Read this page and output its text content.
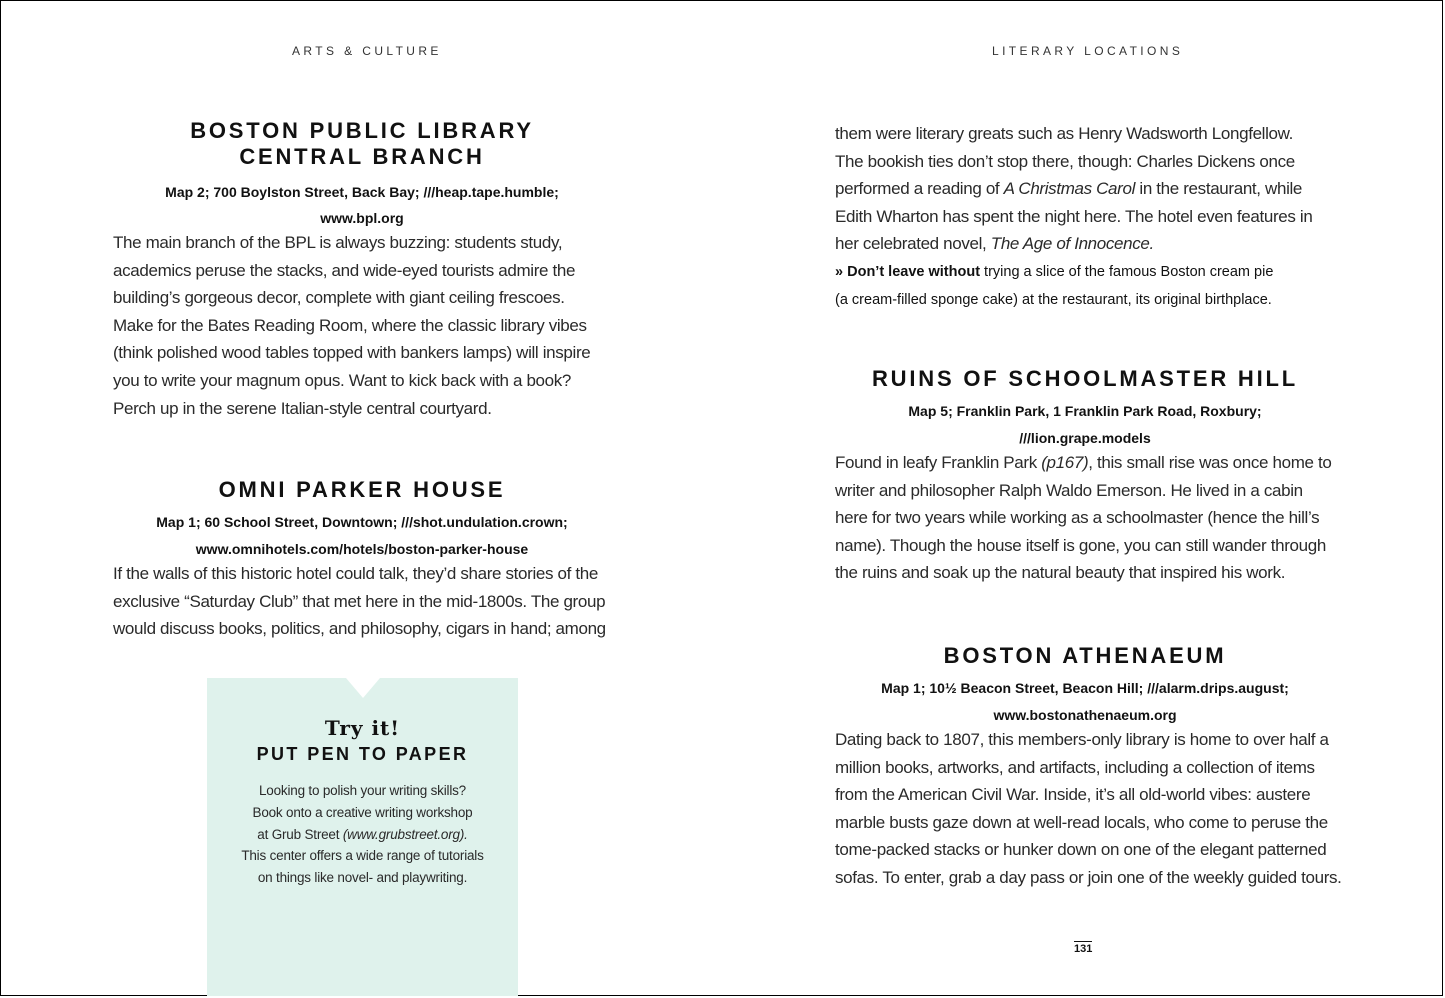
ARTS & CULTURE	LITERARY LOCATIONS
BOSTON PUBLIC LIBRARY
CENTRAL BRANCH
Map 2; 700 Boylston Street, Back Bay; ///heap.tape.humble;
www.bpl.org
The main branch of the BPL is always buzzing: students study,
academics peruse the stacks, and wide-eyed tourists admire the
building’s gorgeous decor, complete with giant ceiling frescoes.
Make for the Bates Reading Room, where the classic library vibes
(think polished wood tables topped with bankers lamps) will inspire
you to write your magnum opus. Want to kick back with a book?
Perch up in the serene Italian-style central courtyard.
OMNI PARKER HOUSE
Map 1; 60 School Street, Downtown; ///shot.undulation.crown;
www.omnihotels.com/hotels/boston-parker-house
If the walls of this historic hotel could talk, they’d share stories of the
exclusive “Saturday Club” that met here in the mid-1800s. The group
would discuss books, politics, and philosophy, cigars in hand; among
Try it!
PUT PEN TO PAPER
Looking to polish your writing skills?
Book onto a creative writing workshop
at Grub Street (www.grubstreet.org).
This center offers a wide range of tutorials
on things like novel- and playwriting.
them were literary greats such as Henry Wadsworth Longfellow.
The bookish ties don’t stop there, though: Charles Dickens once
performed a reading of A Christmas Carol in the restaurant, while
Edith Wharton has spent the night here. The hotel even features in
her celebrated novel, The Age of Innocence.
» Don’t leave without trying a slice of the famous Boston cream pie
(a cream-filled sponge cake) at the restaurant, its original birthplace.
RUINS OF SCHOOLMASTER HILL
Map 5; Franklin Park, 1 Franklin Park Road, Roxbury;
///lion.grape.models
Found in leafy Franklin Park (p167), this small rise was once home to
writer and philosopher Ralph Waldo Emerson. He lived in a cabin
here for two years while working as a schoolmaster (hence the hill’s
name). Though the house itself is gone, you can still wander through
the ruins and soak up the natural beauty that inspired his work.
BOSTON ATHENAEUM
Map 1; 10½ Beacon Street, Beacon Hill; ///alarm.drips.august;
www.bostonathenaeum.org
Dating back to 1807, this members-only library is home to over half a
million books, artworks, and artifacts, including a collection of items
from the American Civil War. Inside, it’s all old-world vibes: austere
marble busts gaze down at well-read locals, who come to peruse the
tome-packed stacks or hunker down on one of the elegant patterned
sofas. To enter, grab a day pass or join one of the weekly guided tours.
131
